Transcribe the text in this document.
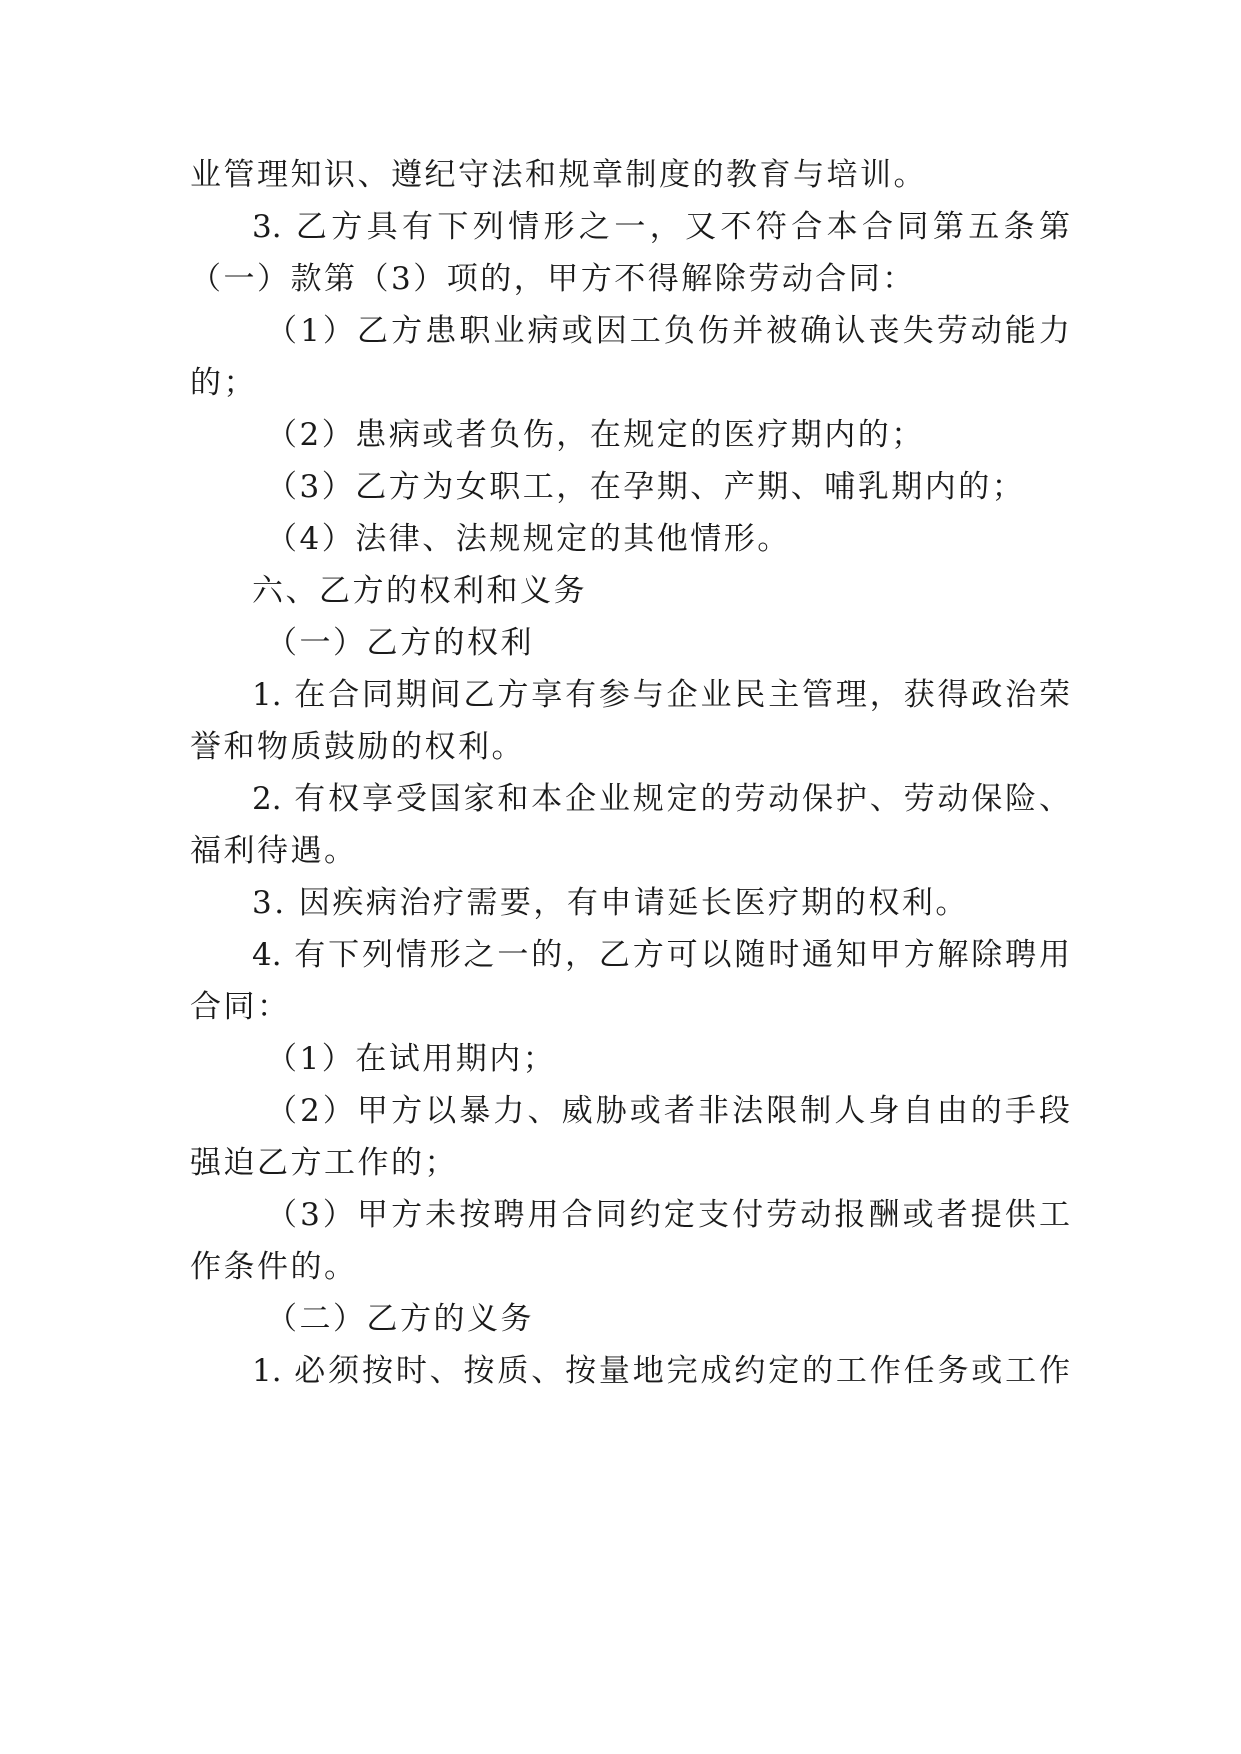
业管理知识、遵纪守法和规章制度的教育与培训。
3. 乙方具有下列情形之一，又不符合本合同第五条第
（一）款第（3）项的，甲方不得解除劳动合同：
（1）乙方患职业病或因工负伤并被确认丧失劳动能力
的；
（2）患病或者负伤，在规定的医疗期内的；
（3）乙方为女职工，在孕期、产期、哺乳期内的；
（4）法律、法规规定的其他情形。
六、乙方的权利和义务
（一）乙方的权利
1. 在合同期间乙方享有参与企业民主管理，获得政治荣
誉和物质鼓励的权利。
2. 有权享受国家和本企业规定的劳动保护、劳动保险、
福利待遇。
3. 因疾病治疗需要，有申请延长医疗期的权利。
4. 有下列情形之一的，乙方可以随时通知甲方解除聘用
合同：
（1）在试用期内；
（2）甲方以暴力、威胁或者非法限制人身自由的手段
强迫乙方工作的；
（3）甲方未按聘用合同约定支付劳动报酬或者提供工
作条件的。
（二）乙方的义务
1. 必须按时、按质、按量地完成约定的工作任务或工作
